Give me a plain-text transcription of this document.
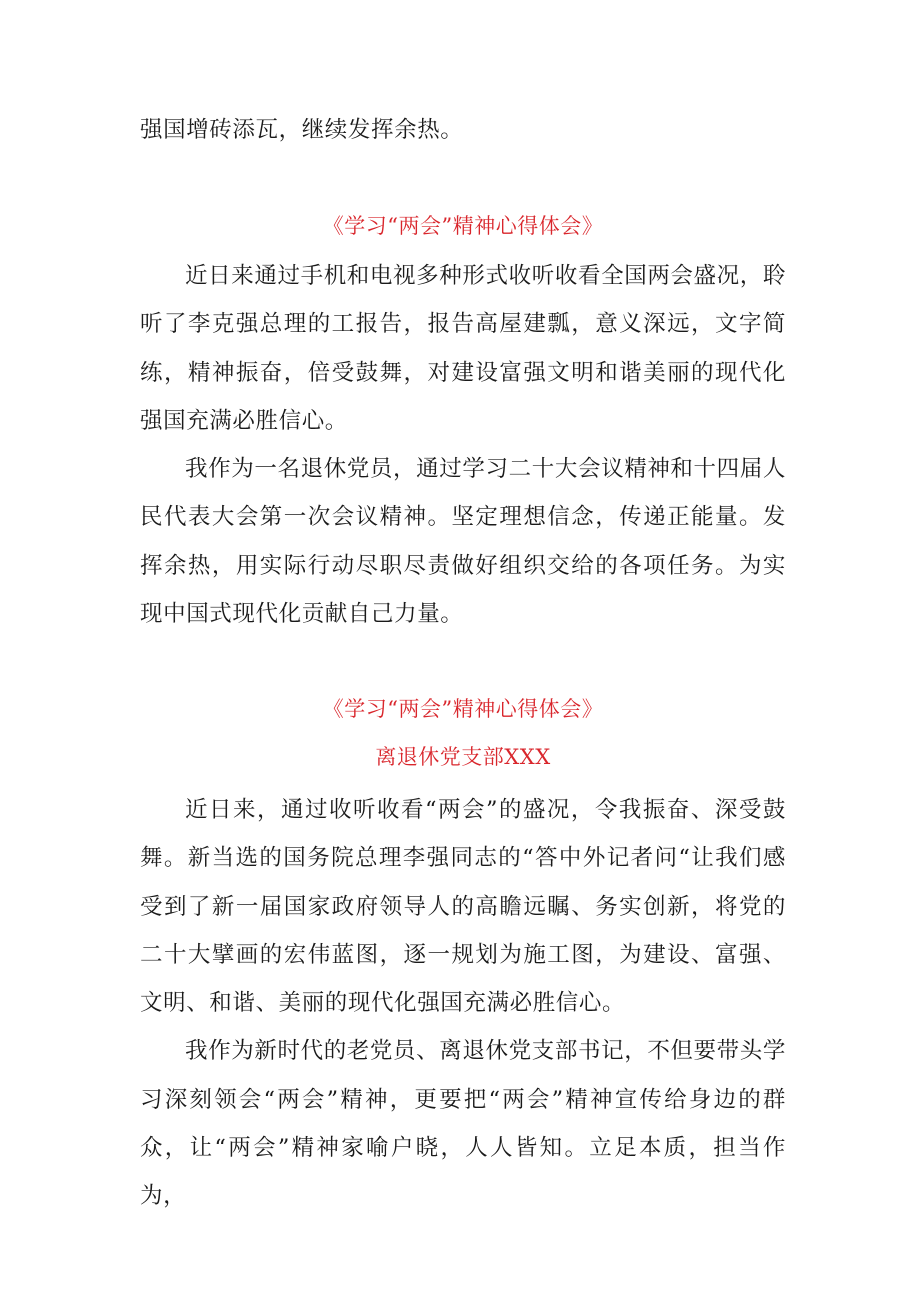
强国增砖添瓦，继续发挥余热。

《学习“两会”精神心得体会》

近日来通过手机和电视多种形式收听收看全国两会盛况，聆听了李克强总理的工报告，报告高屋建瓢，意义深远，文字简练，精神振奋，倍受鼓舞，对建设富强文明和谐美丽的现代化强国充满必胜信心。

我作为一名退休党员，通过学习二十大会议精神和十四届人民代表大会第一次会议精神。坚定理想信念，传递正能量。发挥余热，用实际行动尽职尽责做好组织交给的各项任务。为实现中国式现代化贡献自己力量。

《学习“两会”精神心得体会》

离退休党支部XXX

近日来，通过收听收看“两会”的盛况，令我振奋、深受鼓舞。新当选的国务院总理李强同志的“答中外记者问“让我们感受到了新一届国家政府领导人的高瞻远瞩、务实创新，将党的二十大擘画的宏伟蓝图，逐一规划为施工图，为建设、富强、文明、和谐、美丽的现代化强国充满必胜信心。

我作为新时代的老党员、离退休党支部书记，不但要带头学习深刻领会“两会”精神，更要把“两会”精神宣传给身边的群众，让“两会”精神家喻户晓，人人皆知。立足本质，担当作为，
